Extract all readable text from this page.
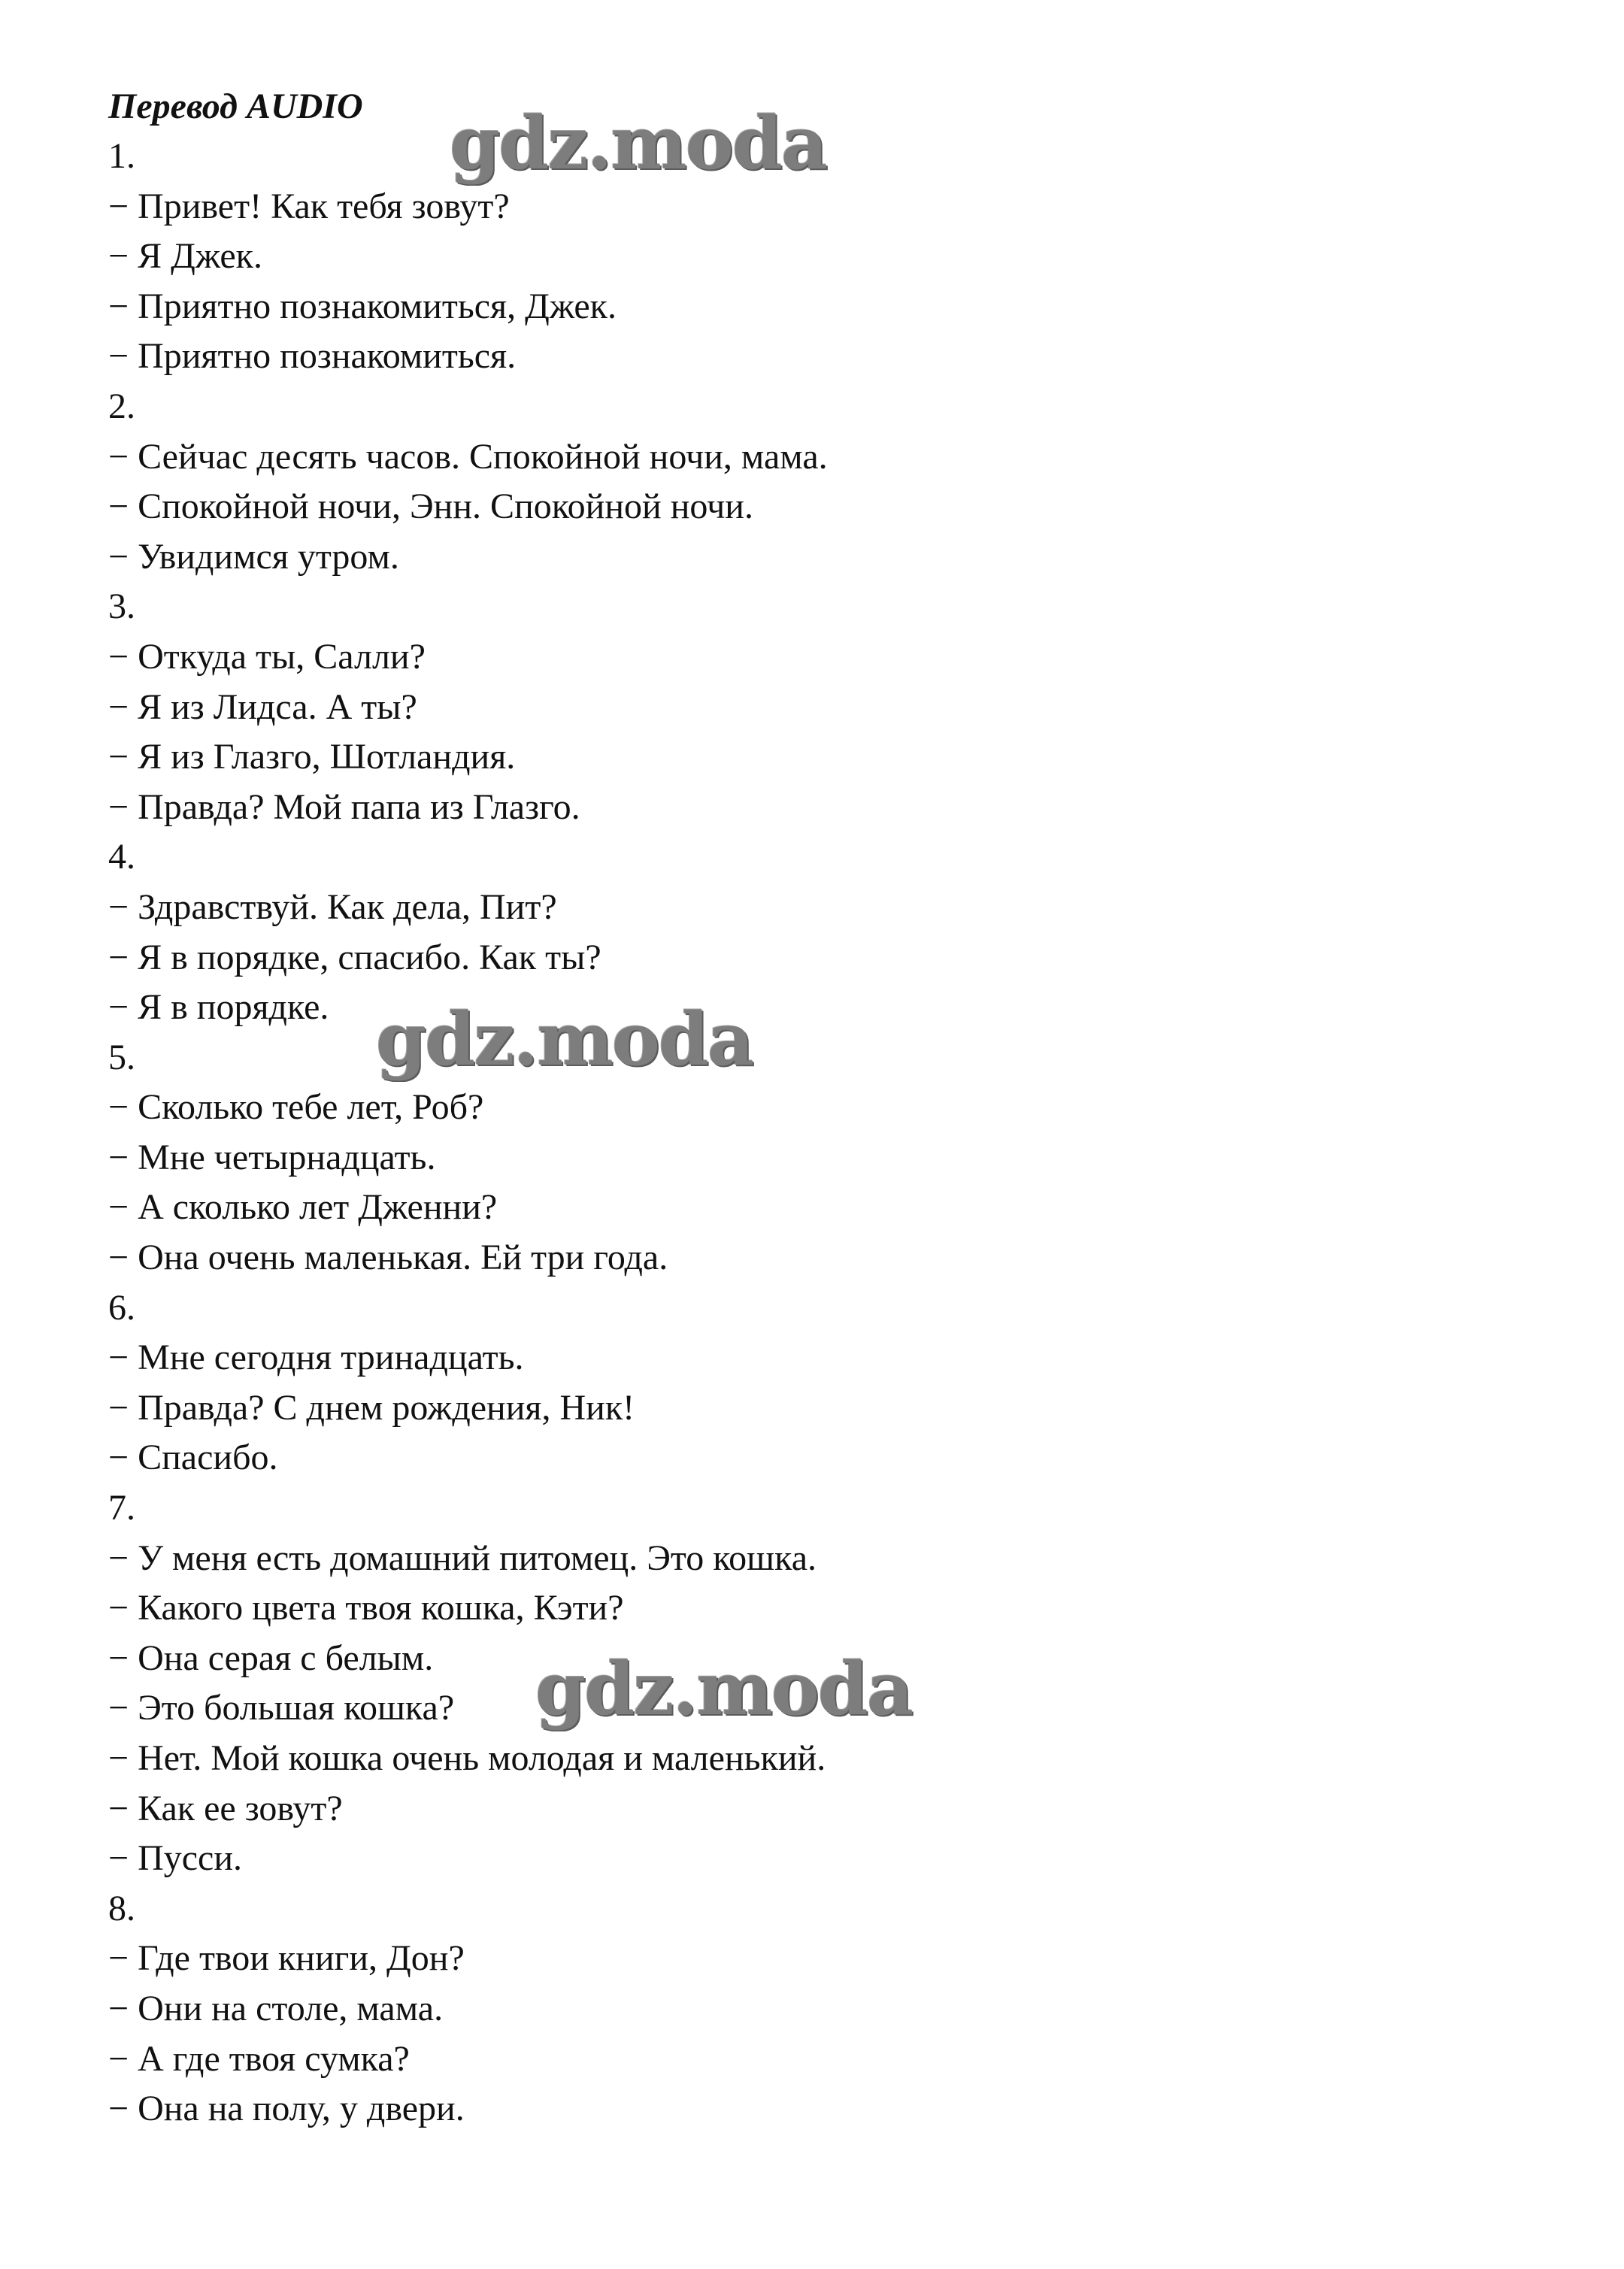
Перевод AUDIO
1.
− Привет! Как тебя зовут?
− Я Джек.
− Приятно познакомиться, Джек.
− Приятно познакомиться.
2.
− Сейчас десять часов. Спокойной ночи, мама.
− Спокойной ночи, Энн. Спокойной ночи.
− Увидимся утром.
3.
− Откуда ты, Салли?
− Я из Лидса. А ты?
− Я из Глазго, Шотландия.
− Правда? Мой папа из Глазго.
4.
− Здравствуй. Как дела, Пит?
− Я в порядке, спасибо. Как ты?
− Я в порядке.
5.
− Сколько тебе лет, Роб?
− Мне четырнадцать.
− А сколько лет Дженни?
− Она очень маленькая. Ей три года.
6.
− Мне сегодня тринадцать.
− Правда? С днем рождения, Ник!
− Спасибо.
7.
− У меня есть домашний питомец. Это кошка.
− Какого цвета твоя кошка, Кэти?
− Она серая с белым.
− Это большая кошка?
− Нет. Мой кошка очень молодая и маленький.
− Как ее зовут?
− Пусси.
8.
− Где твои книги, Дон?
− Они на столе, мама.
− А где твоя сумка?
− Она на полу, у двери.
gdz.moda
gdz.moda
gdz.moda
